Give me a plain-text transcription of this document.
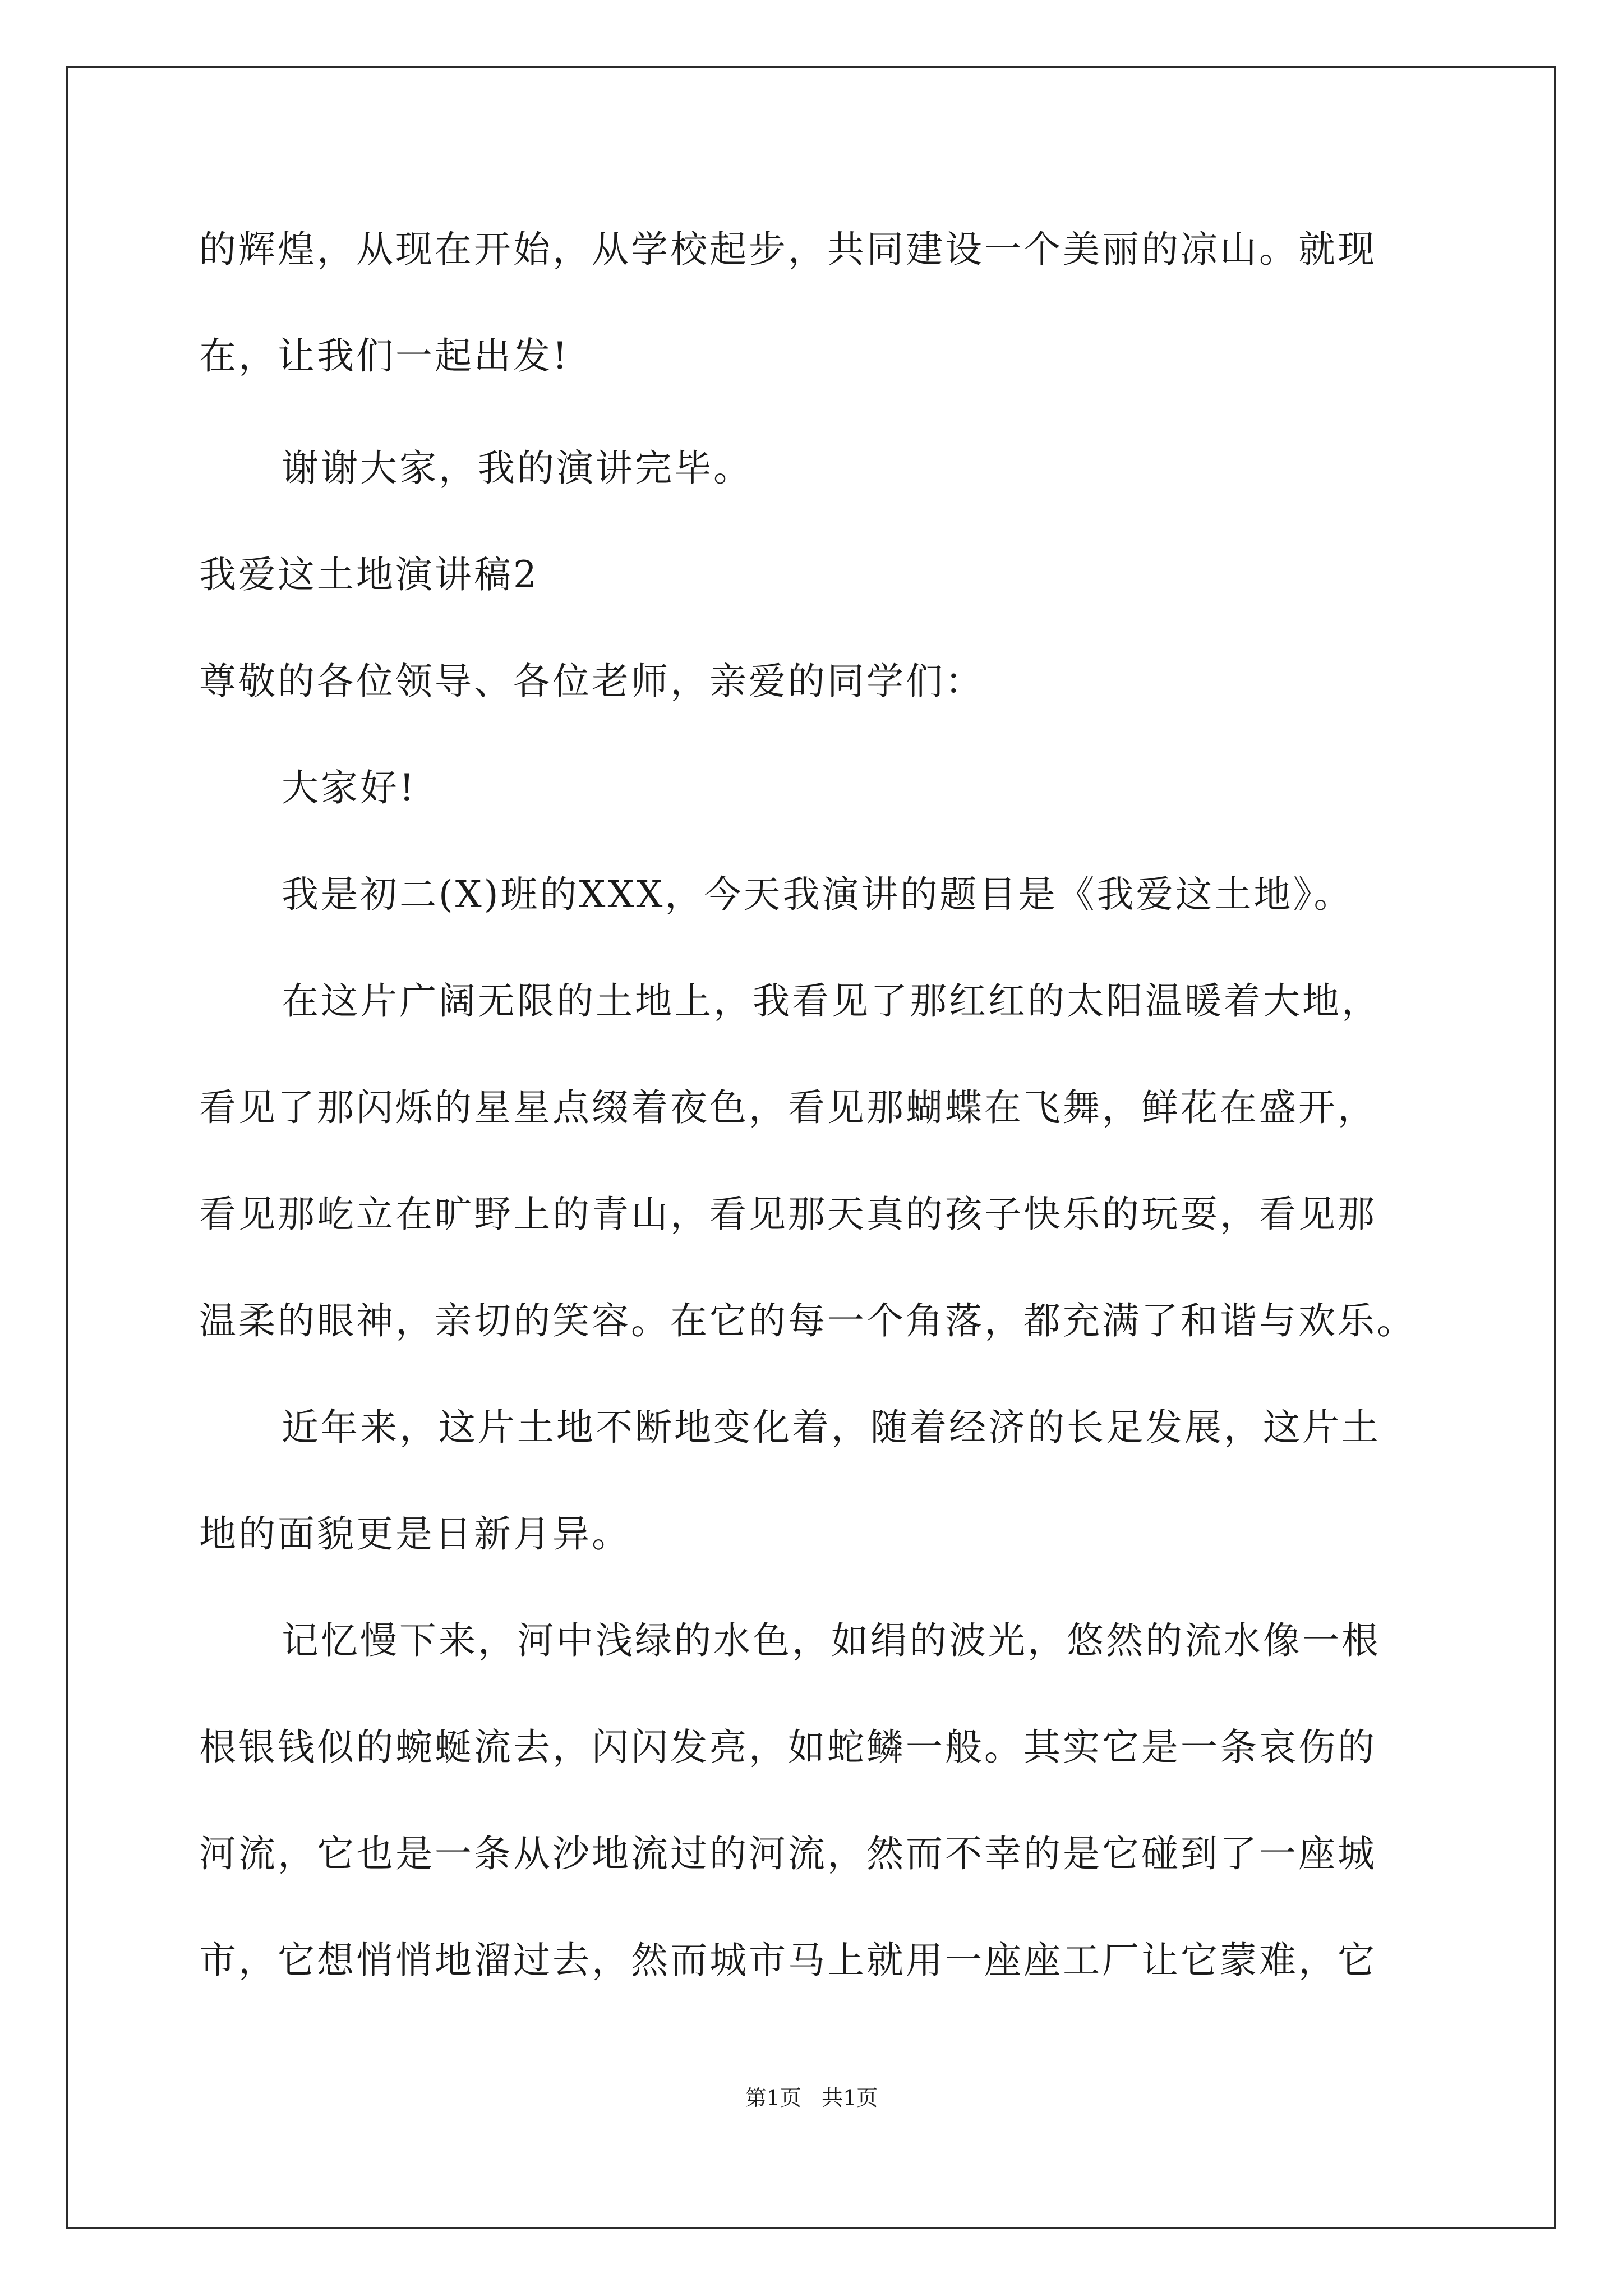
的辉煌，从现在开始，从学校起步，共同建设一个美丽的凉山。就现
在，让我们一起出发!
谢谢大家，我的演讲完毕。
我爱这土地演讲稿2
尊敬的各位领导、各位老师，亲爱的同学们：
大家好!
我是初二(X)班的XXX，今天我演讲的题目是《我爱这土地》。
在这片广阔无限的土地上，我看见了那红红的太阳温暖着大地，
看见了那闪烁的星星点缀着夜色，看见那蝴蝶在飞舞，鲜花在盛开，
看见那屹立在旷野上的青山，看见那天真的孩子快乐的玩耍，看见那
温柔的眼神，亲切的笑容。在它的每一个角落，都充满了和谐与欢乐。
近年来，这片土地不断地变化着，随着经济的长足发展，这片土
地的面貌更是日新月异。
记忆慢下来，河中浅绿的水色，如绢的波光，悠然的流水像一根
根银钱似的蜿蜒流去，闪闪发亮，如蛇鳞一般。其实它是一条哀伤的
河流，它也是一条从沙地流过的河流，然而不幸的是它碰到了一座城
市，它想悄悄地溜过去，然而城市马上就用一座座工厂让它蒙难，它
第1页   共1页
